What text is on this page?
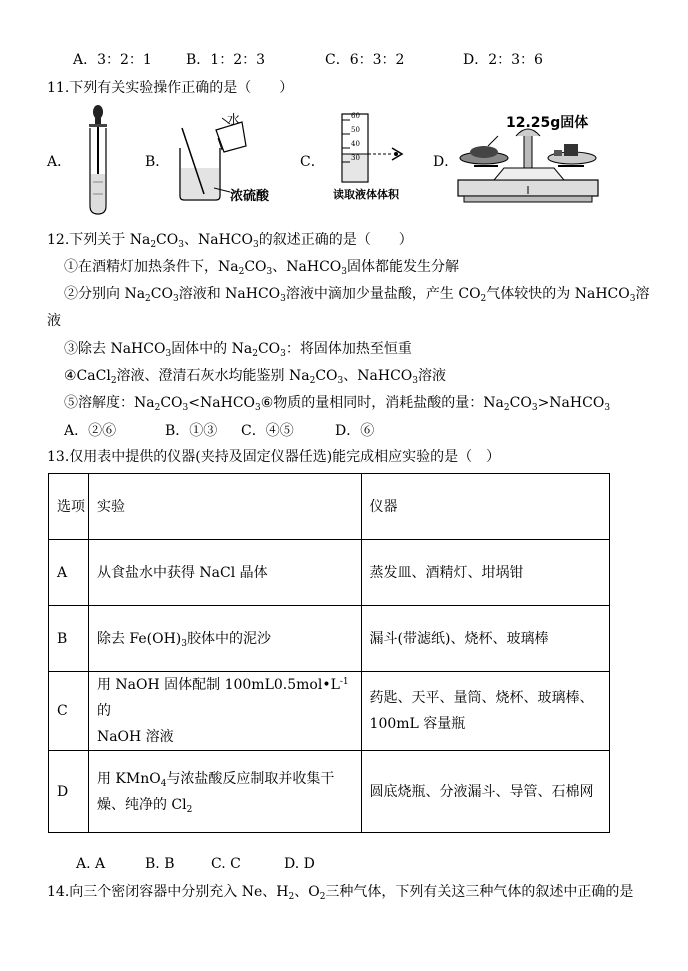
A．3：2：1 B．1：2：3	C．6：3：2	D．2：3：6
11.下列有关实验操作正确的是（　　）
A．	B．
水
浓硫酸
C．
60
50
40
30
读取液体体积
D．
12.25g固体
12.下列关于 $Na_2CO_3$、NaHCO$_3$的叙述正确的是（　　）
①在酒精灯加热条件下，$Na_2CO_3$、NaHCO$_3$固体都能发生分解
②分别向 $Na_2CO_3$溶液和 NaHCO$_3$溶液中滴加少量盐酸，产生 $CO_2$气体较快的为 NaHCO$_3$溶
液
③除去 NaHCO$_3$固体中的 $Na_2CO_3$：将固体加热至恒重
④CaCl$_2$溶液、澄清石灰水均能鉴别 $Na_2CO_3$、NaHCO$_3$溶液
⑤溶解度：$Na_2CO_3<NaHCO_3⑥$物质的量相同时，消耗盐酸的量：$Na_2CO_3>NaHCO_3$
A．②⑥	B．①③ C．④⑤	D．⑥
13.仅用表中提供的仪器(夹持及固定仪器任选)能完成相应实验的是（　）
选项	实验	仪器
A	从食盐水中获得 NaCl 晶体	蒸发皿、酒精灯、坩埚钳
B	除去 $Fe(OH)_3$胶体中的泥沙	漏斗(带滤纸)、烧杯、玻璃棒
C	用 NaOH 固体配制 $100mL0.5mol•L^{-1}$的
NaOH 溶液	药匙、天平、量筒、烧杯、玻璃棒、100mL 容量瓶
D	用 KMnO$_4$与浓盐酸反应制取并收集干
燥、纯净的 $Cl_2$	圆底烧瓶、分液漏斗、导管、石棉网
A. A	B. B	C. C	D. D
14.向三个密闭容器中分别充入 Ne、$H_2$、$O_2$三种气体，下列有关这三种气体的叙述中正确的是
